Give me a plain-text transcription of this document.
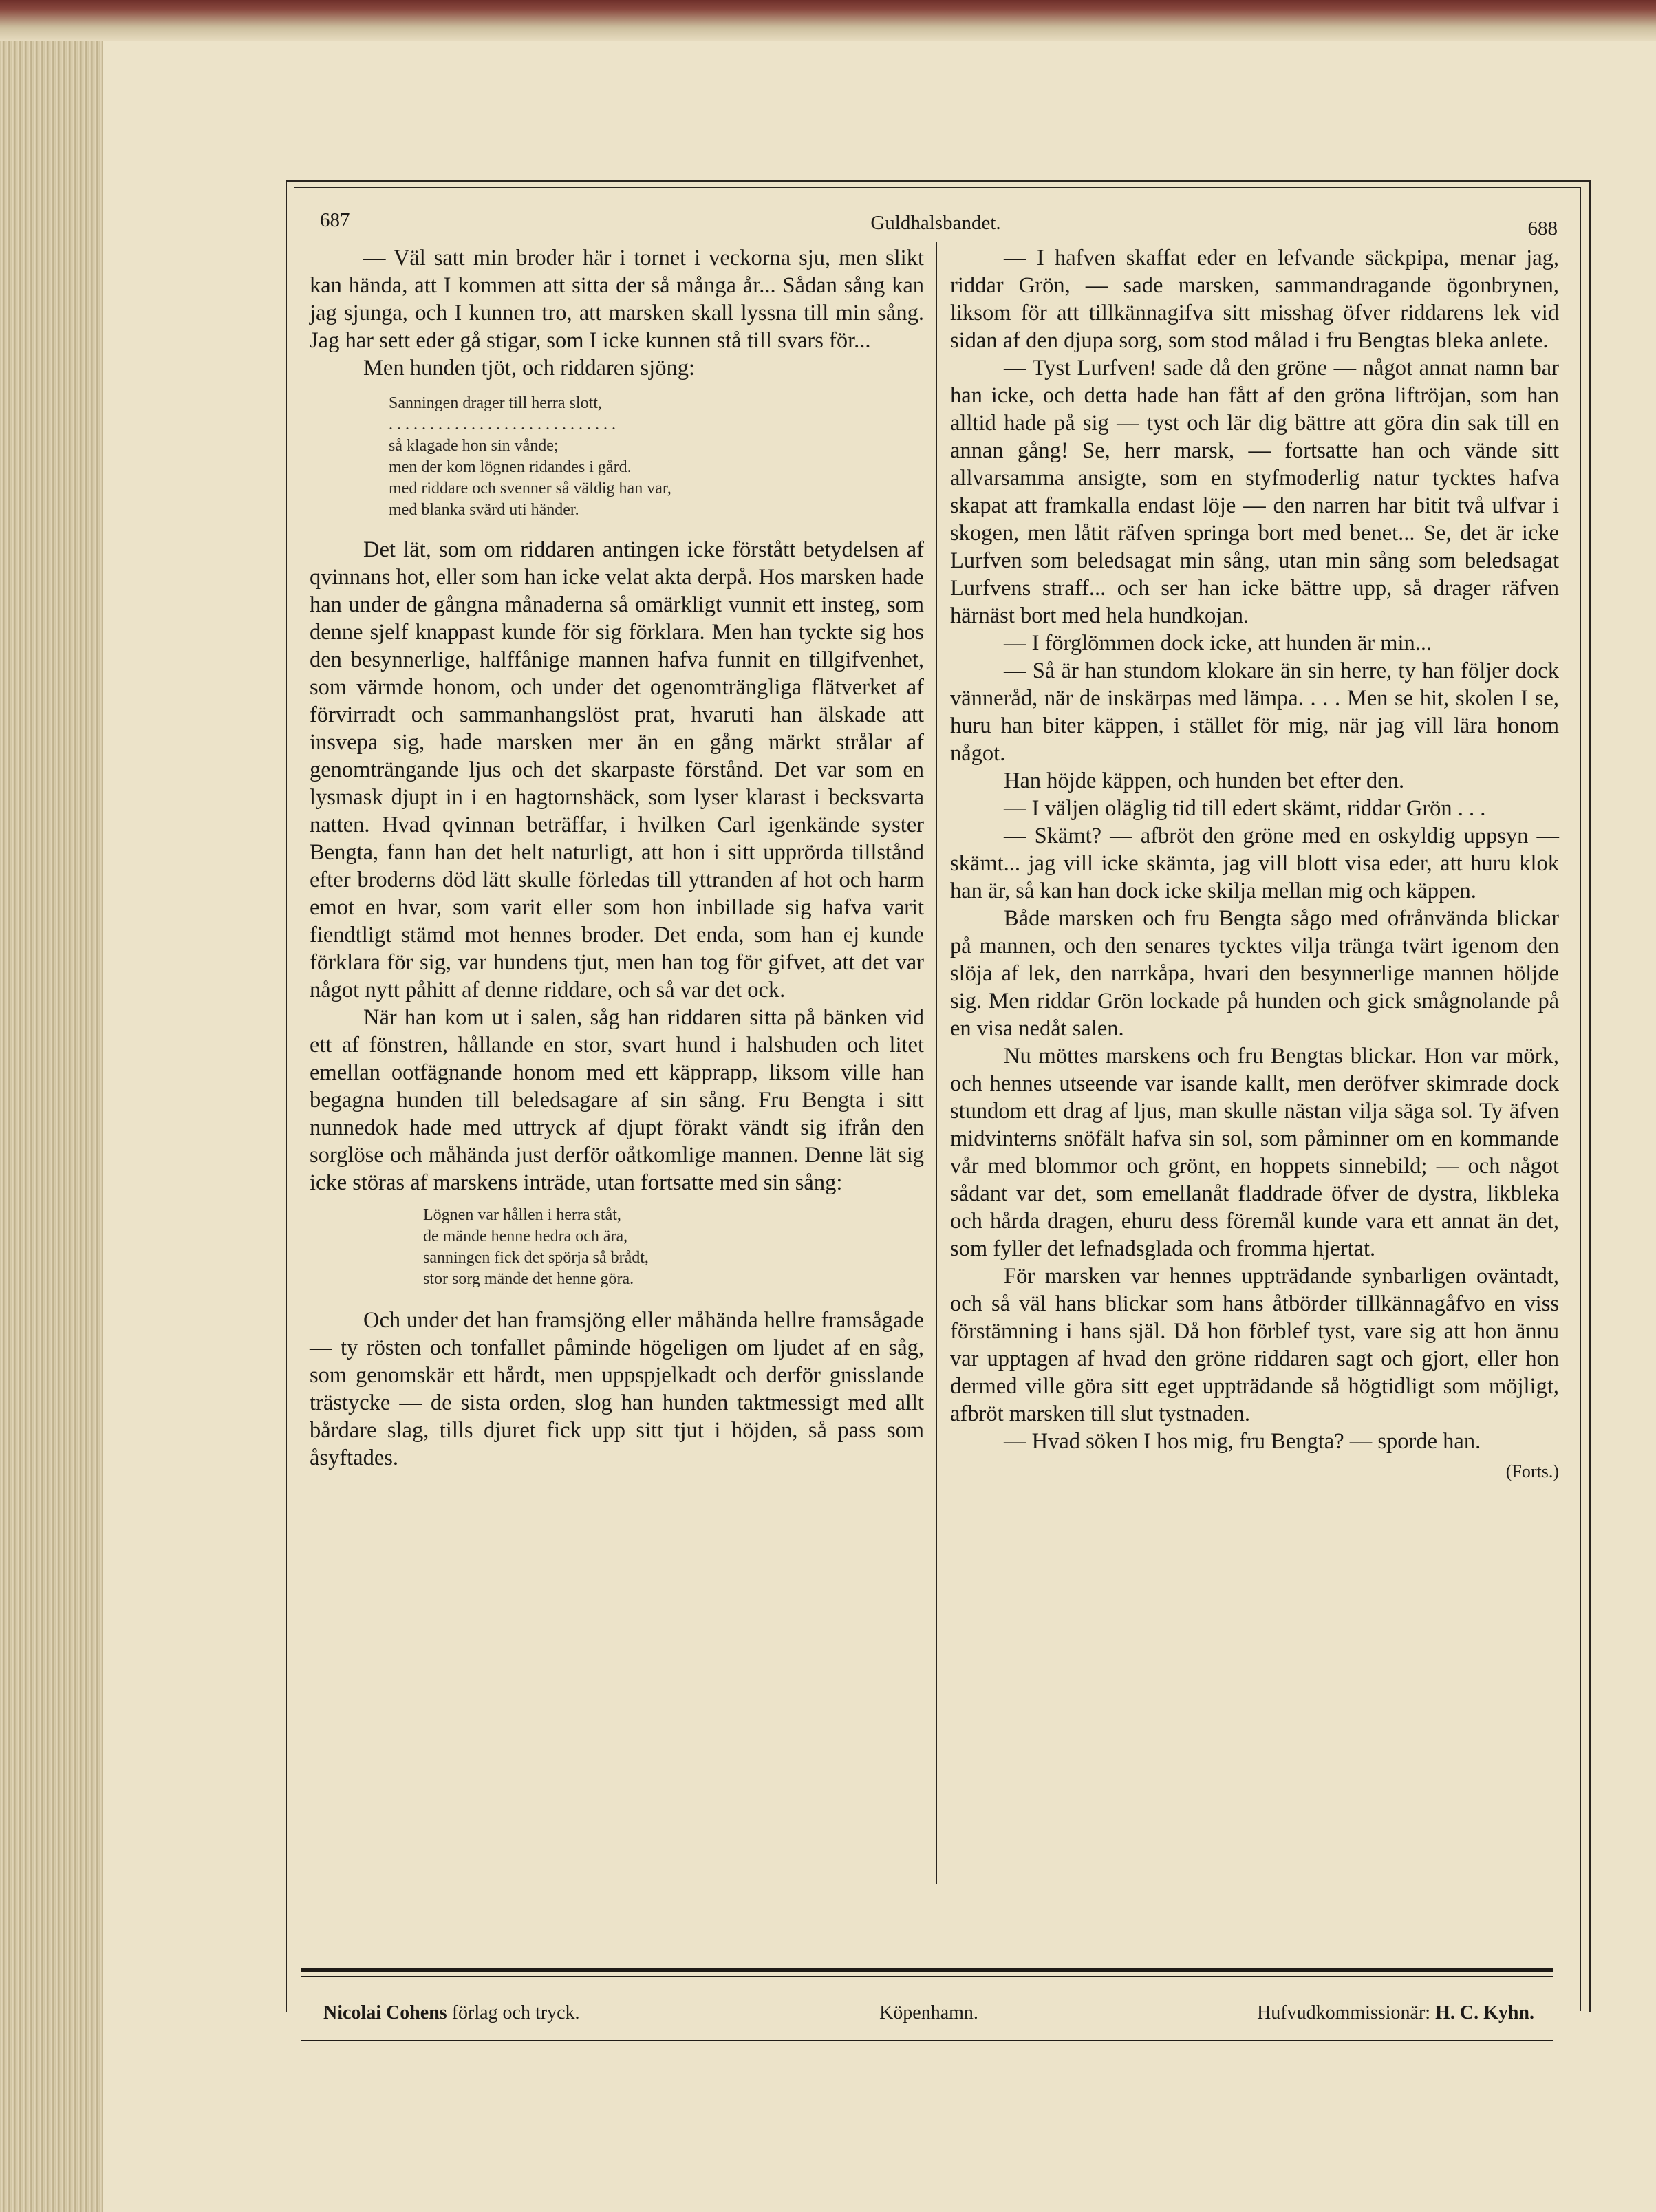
687	Guldhalsbandet.	688

— Väl satt min broder här i tornet i veckorna sju, men slikt kan hända, att I kommen att sitta der så många år... Sådan sång kan jag sjunga, och I kunnen tro, att marsken skall lyssna till min sång. Jag har sett eder gå stigar, som I icke kunnen stå till svars för...

Men hunden tjöt, och riddaren sjöng:

Sanningen drager till herra slott,
. . . . . . . . . . . . . . . . . . . . . . . . . . . .
så klagade hon sin vånde;
men der kom lögnen ridandes i gård.
med riddare och svenner så väldig han var,
med blanka svärd uti händer.

Det lät, som om riddaren antingen icke förstått betydelsen af qvinnans hot, eller som han icke velat akta derpå. Hos marsken hade han under de gångna månaderna så omärkligt vunnit ett insteg, som denne sjelf knappast kunde för sig förklara. Men han tyckte sig hos den besynnerlige, halffånige mannen hafva funnit en tillgifvenhet, som värmde honom, och under det ogenomträngliga flätverket af förvirradt och sammanhangslöst prat, hvaruti han älskade att insvepa sig, hade marsken mer än en gång märkt strålar af genomträngande ljus och det skarpaste förstånd. Det var som en lysmask djupt in i en hagtornshäck, som lyser klarast i becksvarta natten. Hvad qvinnan beträffar, i hvilken Carl igenkände syster Bengta, fann han det helt naturligt, att hon i sitt upprörda tillstånd efter broderns död lätt skulle förledas till yttranden af hot och harm emot en hvar, som varit eller som hon inbillade sig hafva varit fiendtligt stämd mot hennes broder. Det enda, som han ej kunde förklara för sig, var hundens tjut, men han tog för gifvet, att det var något nytt påhitt af denne riddare, och så var det ock.

När han kom ut i salen, såg han riddaren sitta på bänken vid ett af fönstren, hållande en stor, svart hund i halshuden och litet emellan ootfägnande honom med ett käpprapp, liksom ville han begagna hunden till beledsagare af sin sång. Fru Bengta i sitt nunnedok hade med uttryck af djupt förakt vändt sig ifrån den sorglöse och måhända just derför oåtkomlige mannen. Denne lät sig icke störas af marskens inträde, utan fortsatte med sin sång:

Lögnen var hållen i herra ståt,
de mände henne hedra och ära,
sanningen fick det spörja så brådt,
stor sorg mände det henne göra.

Och under det han framsjöng eller måhända hellre framsågade — ty rösten och tonfallet påminde högeligen om ljudet af en såg, som genomskär ett hårdt, men uppspjelkadt och derför gnisslande trästycke — de sista orden, slog han hunden taktmessigt med allt bårdare slag, tills djuret fick upp sitt tjut i höjden, så pass som åsyftades.

— I hafven skaffat eder en lefvande säckpipa, menar jag, riddar Grön, — sade marsken, sammandragande ögonbrynen, liksom för att tillkännagifva sitt misshag öfver riddarens lek vid sidan af den djupa sorg, som stod målad i fru Bengtas bleka anlete.

— Tyst Lurfven! sade då den gröne — något annat namn bar han icke, och detta hade han fått af den gröna liftröjan, som han alltid hade på sig — tyst och lär dig bättre att göra din sak till en annan gång! Se, herr marsk, — fortsatte han och vände sitt allvarsamma ansigte, som en styfmoderlig natur tycktes hafva skapat att framkalla endast löje — den narren har bitit två ulfvar i skogen, men låtit räfven springa bort med benet... Se, det är icke Lurfven som beledsagat min sång, utan min sång som beledsagat Lurfvens straff... och ser han icke bättre upp, så drager räfven härnäst bort med hela hundkojan.

— I förglömmen dock icke, att hunden är min...

— Så är han stundom klokare än sin herre, ty han följer dock vänneråd, när de inskärpas med lämpa. . . . Men se hit, skolen I se, huru han biter käppen, i stället för mig, när jag vill lära honom något.

Han höjde käppen, och hunden bet efter den.

— I väljen oläglig tid till edert skämt, riddar Grön . . .

— Skämt? — afbröt den gröne med en oskyldig uppsyn — skämt... jag vill icke skämta, jag vill blott visa eder, att huru klok han är, så kan han dock icke skilja mellan mig och käppen.

Både marsken och fru Bengta sågo med ofrånvända blickar på mannen, och den senares tycktes vilja tränga tvärt igenom den slöja af lek, den narrkåpa, hvari den besynnerlige mannen höljde sig. Men riddar Grön lockade på hunden och gick smågnolande på en visa nedåt salen.

Nu möttes marskens och fru Bengtas blickar. Hon var mörk, och hennes utseende var isande kallt, men deröfver skimrade dock stundom ett drag af ljus, man skulle nästan vilja säga sol. Ty äfven midvinterns snöfält hafva sin sol, som påminner om en kommande vår med blommor och grönt, en hoppets sinnebild; — och något sådant var det, som emellanåt fladdrade öfver de dystra, likbleka och hårda dragen, ehuru dess föremål kunde vara ett annat än det, som fyller det lefnadsglada och fromma hjertat.

För marsken var hennes uppträdande synbarligen oväntadt, och så väl hans blickar som hans åtbörder tillkännagåfvo en viss förstämning i hans själ. Då hon förblef tyst, vare sig att hon ännu var upptagen af hvad den gröne riddaren sagt och gjort, eller hon dermed ville göra sitt eget uppträdande så högtidligt som möjligt, afbröt marsken till slut tystnaden.

— Hvad söken I hos mig, fru Bengta? — sporde han.
(Forts.)

Nicolai Cohens förlag och tryck.	Köpenhamn.	Hufvudkommissionär: H. C. Kyhn.
